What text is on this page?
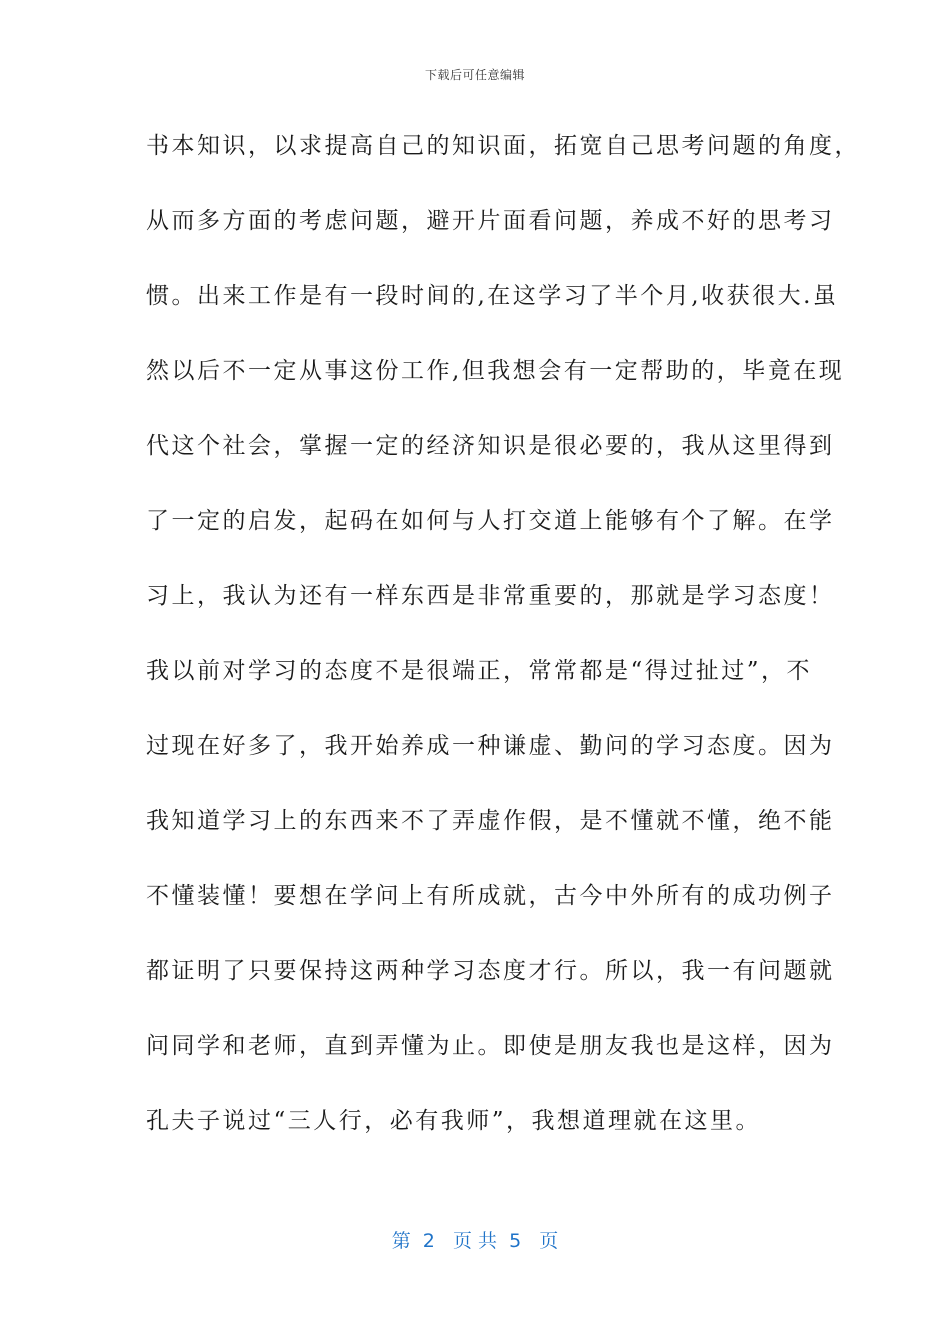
下载后可任意编辑
书本知识，以求提高自己的知识面，拓宽自己思考问题的角度，
从而多方面的考虑问题，避开片面看问题，养成不好的思考习
惯。出来工作是有一段时间的,在这学习了半个月,收获很大.虽
然以后不一定从事这份工作,但我想会有一定帮助的，毕竟在现
代这个社会，掌握一定的经济知识是很必要的，我从这里得到
了一定的启发，起码在如何与人打交道上能够有个了解。在学
习上，我认为还有一样东西是非常重要的，那就是学习态度！
我以前对学习的态度不是很端正，常常都是“得过扯过”，不
过现在好多了，我开始养成一种谦虚、勤问的学习态度。因为
我知道学习上的东西来不了弄虚作假，是不懂就不懂，绝不能
不懂装懂！要想在学问上有所成就，古今中外所有的成功例子
都证明了只要保持这两种学习态度才行。所以，我一有问题就
问同学和老师，直到弄懂为止。即使是朋友我也是这样，因为
孔夫子说过“三人行，必有我师”，我想道理就在这里。
第  2   页 共  5   页
